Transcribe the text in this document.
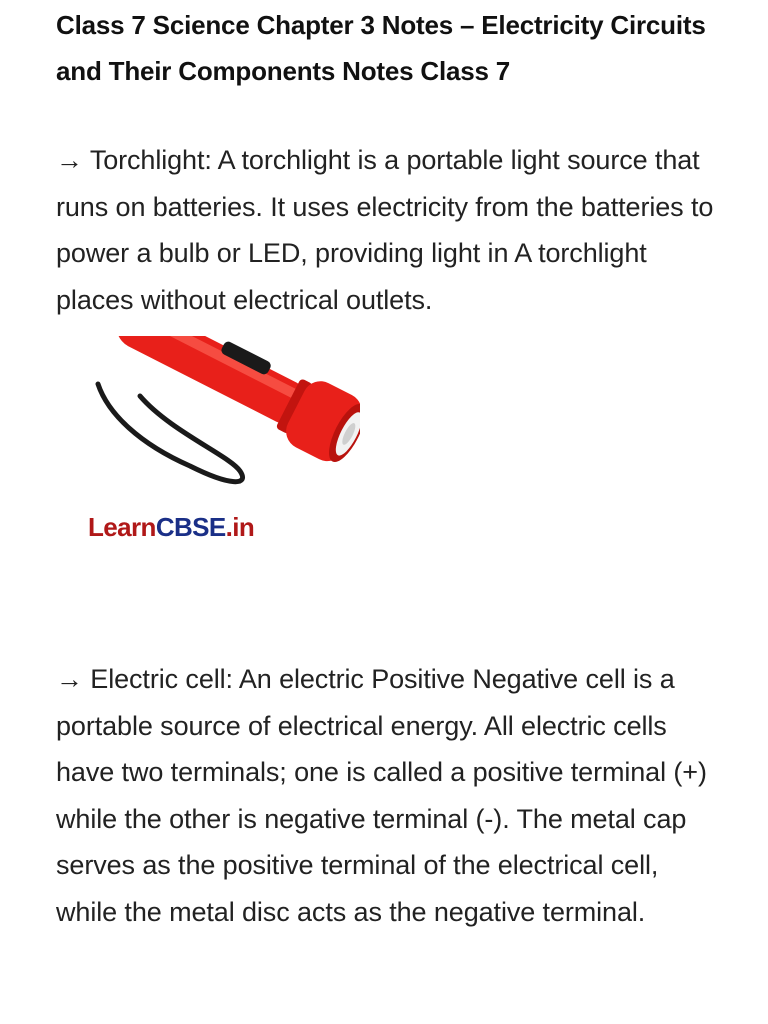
Class 7 Science Chapter 3 Notes – Electricity Circuits and Their Components Notes Class 7

→ Torchlight: A torchlight is a portable light source that runs on batteries. It uses electricity from the batteries to power a bulb or LED, providing light in A torchlight places without electrical outlets.

LearnCBSE.in

→ Electric cell: An electric Positive Negative cell is a portable source of electrical energy. All electric cells have two terminals; one is called a positive terminal (+) while the other is negative terminal (-). The metal cap serves as the positive terminal of the electrical cell, while the metal disc acts as the negative terminal.
